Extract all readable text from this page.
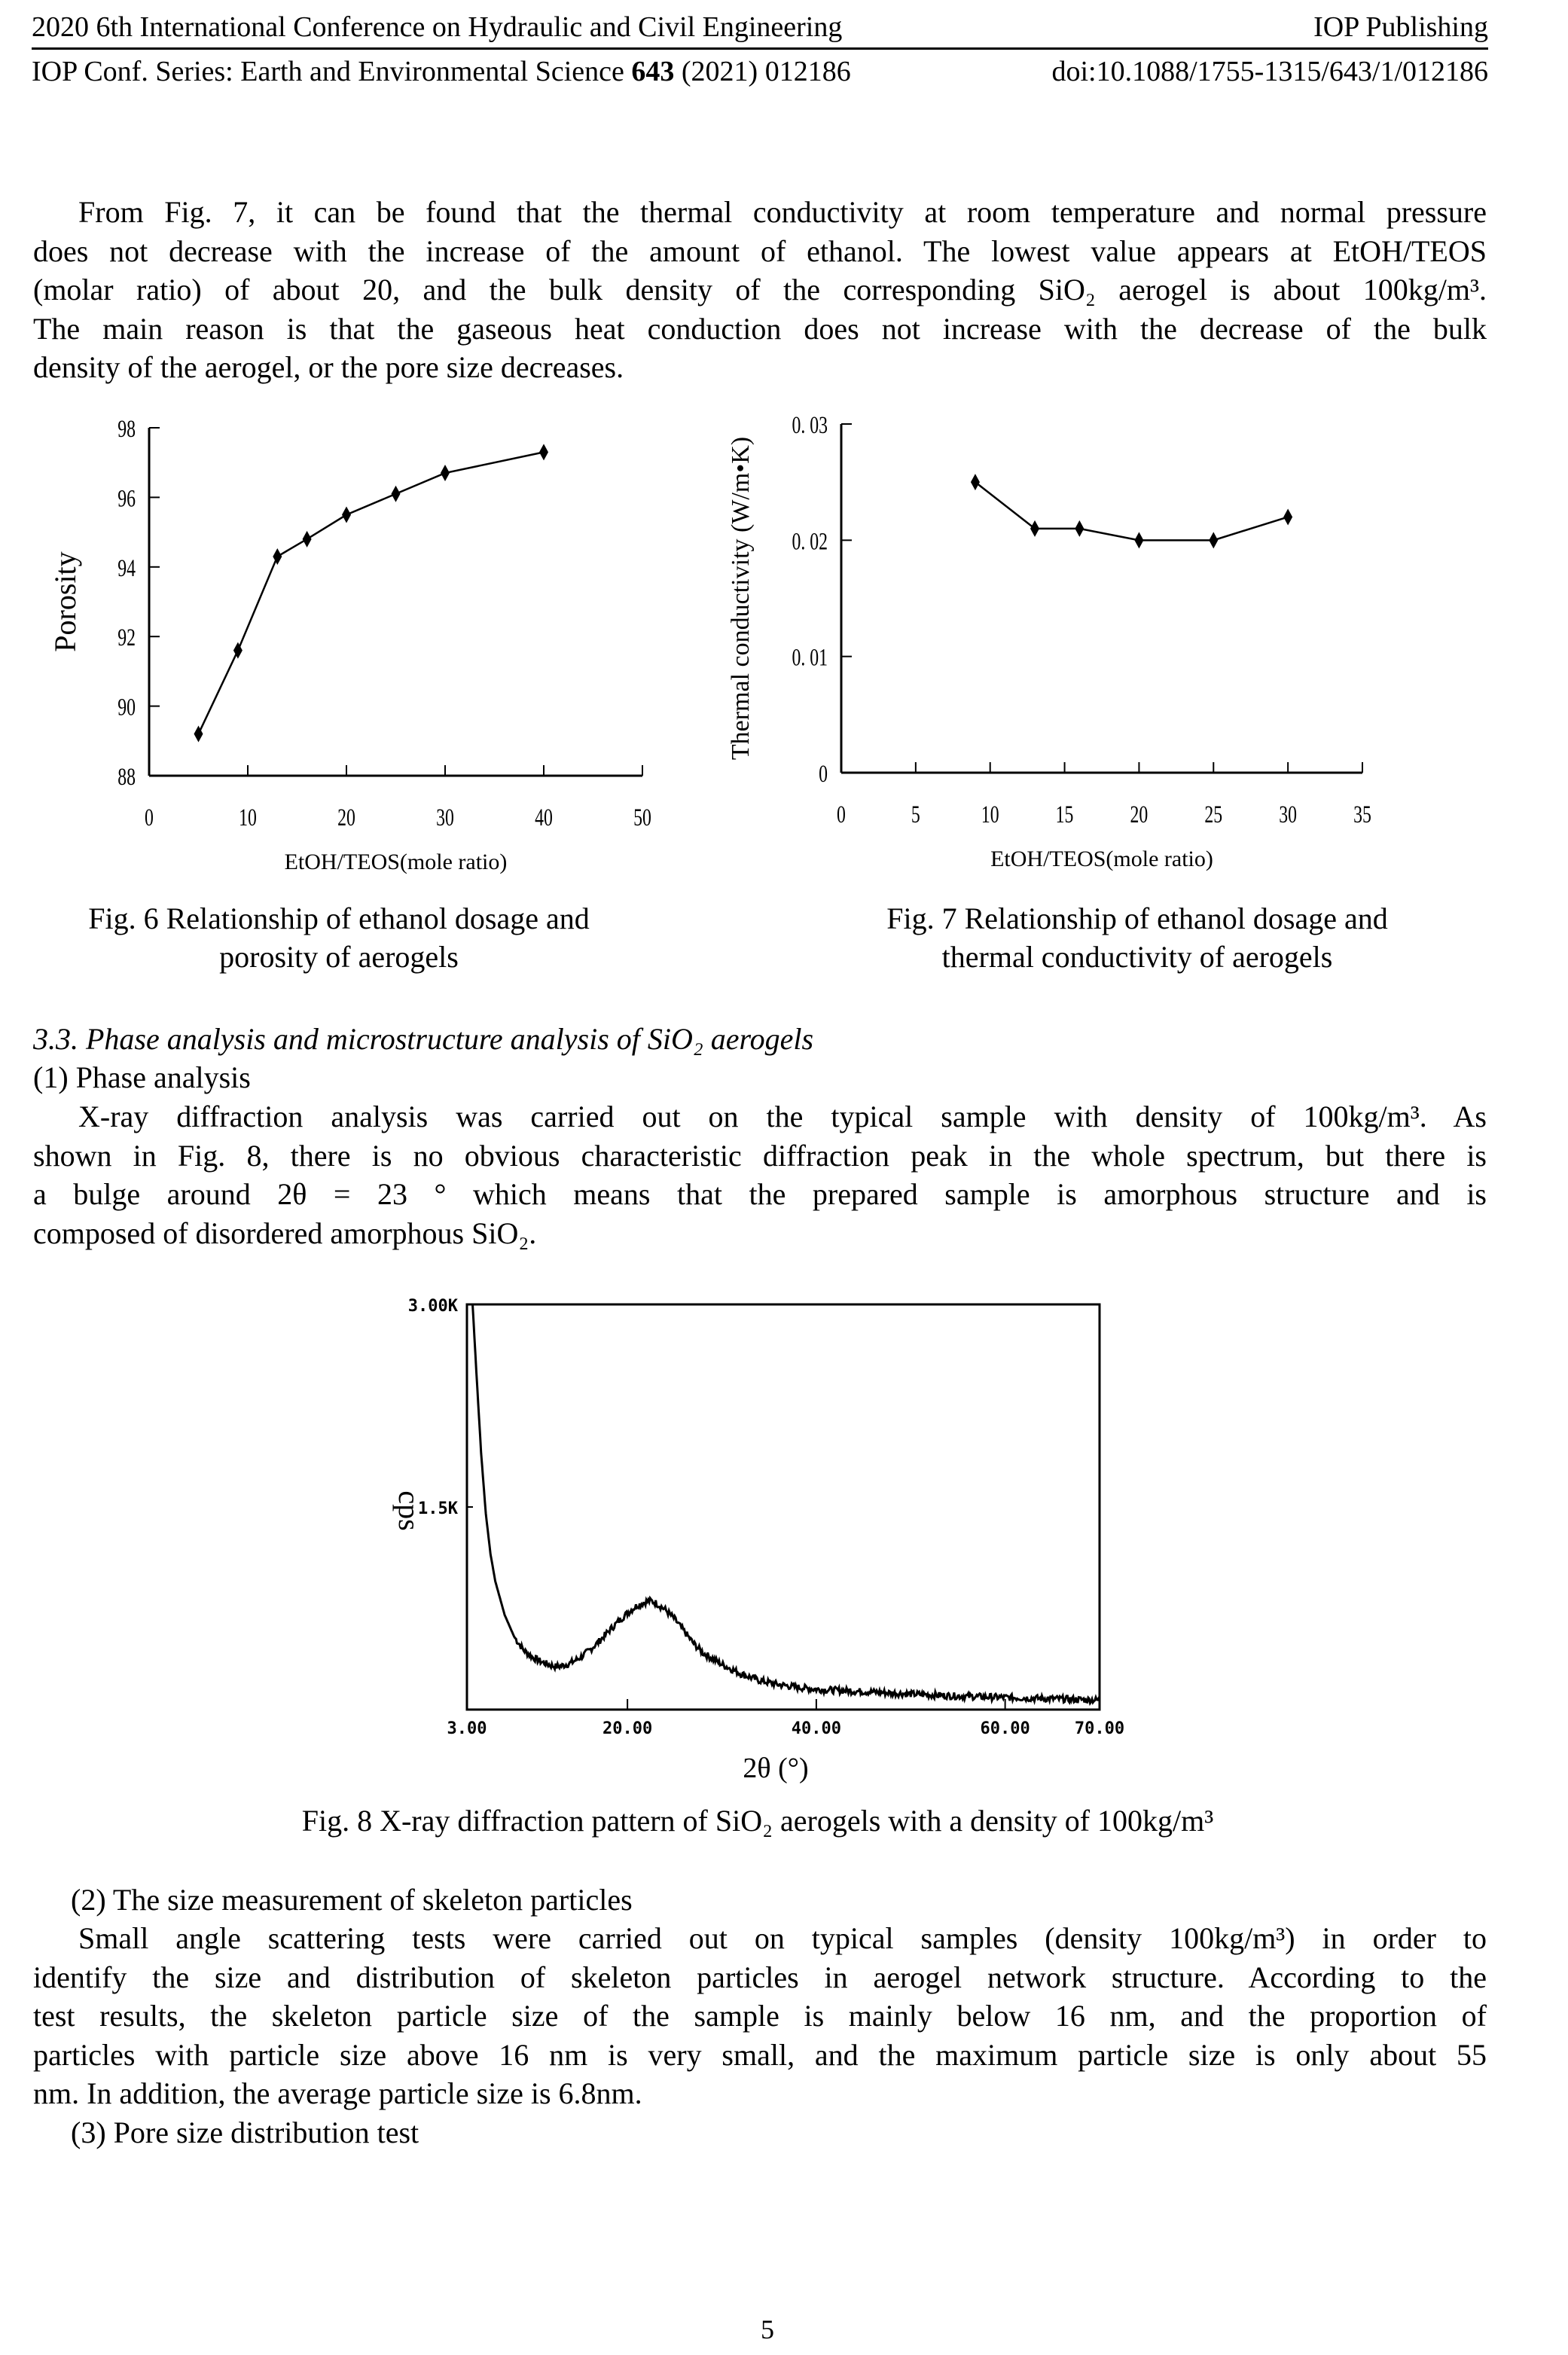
2020 6th International Conference on Hydraulic and Civil Engineering	IOP Publishing
IOP Conf. Series: Earth and Environmental Science 643 (2021) 012186	doi:10.1088/1755-1315/643/1/012186
From Fig. 7, it can be found that the thermal conductivity at room temperature and normal pressure
does not decrease with the increase of the amount of ethanol. The lowest value appears at EtOH/TEOS
(molar ratio) of about 20, and the bulk density of the corresponding SiO₂ aerogel is about 100kg/m³.
The main reason is that the gaseous heat conduction does not increase with the decrease of the bulk
density of the aerogel, or the pore size decreases.
0	10	20	30	40	50
98
96
94
92
90
88
EtOH/TEOS(mole ratio)
Porosity
0	5 10 15 20 25 30 35
0. 03
0. 02
0. 01
0
EtOH/TEOS(mole ratio)
Thermal conductivity (W/m•K)
Fig. 6 Relationship of ethanol dosage and
porosity of aerogels
Fig. 7 Relationship of ethanol dosage and
thermal conductivity of aerogels
3.3. Phase analysis and microstructure analysis of SiO₂ aerogels
(1) Phase analysis
X-ray diffraction analysis was carried out on the typical sample with density of 100kg/m³. As
shown in Fig. 8, there is no obvious characteristic diffraction peak in the whole spectrum, but there is
a bulge around 2θ = 23 ° which means that the prepared sample is amorphous structure and is
composed of disordered amorphous SiO₂.
3.00K
1.5K
3.00	20.00	40.00	60.00	70.00
2θ (°)
cps
Fig. 8 X-ray diffraction pattern of SiO₂ aerogels with a density of 100kg/m³
(2) The size measurement of skeleton particles
Small angle scattering tests were carried out on typical samples (density 100kg/m³) in order to
identify the size and distribution of skeleton particles in aerogel network structure. According to the
test results, the skeleton particle size of the sample is mainly below 16 nm, and the proportion of
particles with particle size above 16 nm is very small, and the maximum particle size is only about 55
nm. In addition, the average particle size is 6.8nm.
(3) Pore size distribution test
5
